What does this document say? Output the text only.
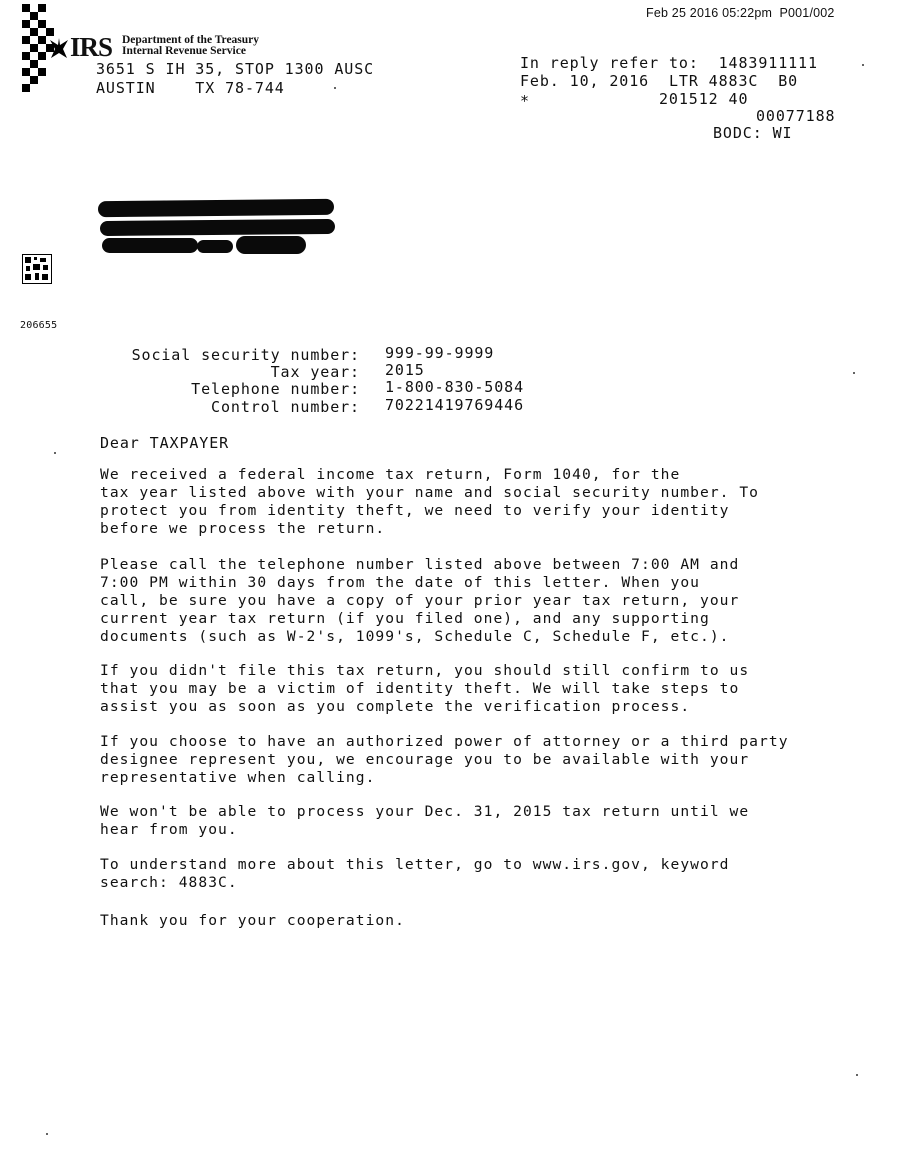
Feb 25 2016 05:22pm  P001/002

IRS

Department of the Treasury
Internal Revenue Service

3651 S IH 35, STOP 1300 AUSC
AUSTIN    TX 78-744
In reply refer to:  1483911111
Feb. 10, 2016  LTR 4883C  B0
*	201512 40
00077188
BODC: WI
206655
Social security number: 999-99-9999
Tax year: 2015
Telephone number: 1-800-830-5084
Control number: 70221419769446
Dear TAXPAYER
We received a federal income tax return, Form 1040, for the
tax year listed above with your name and social security number. To
protect you from identity theft, we need to verify your identity
before we process the return.
Please call the telephone number listed above between 7:00 AM and
7:00 PM within 30 days from the date of this letter. When you
call, be sure you have a copy of your prior year tax return, your
current year tax return (if you filed one), and any supporting
documents (such as W-2's, 1099's, Schedule C, Schedule F, etc.).
If you didn't file this tax return, you should still confirm to us
that you may be a victim of identity theft. We will take steps to
assist you as soon as you complete the verification process.
If you choose to have an authorized power of attorney or a third party
designee represent you, we encourage you to be available with your
representative when calling.
We won't be able to process your Dec. 31, 2015 tax return until we
hear from you.
To understand more about this letter, go to www.irs.gov, keyword
search: 4883C.
Thank you for your cooperation.
